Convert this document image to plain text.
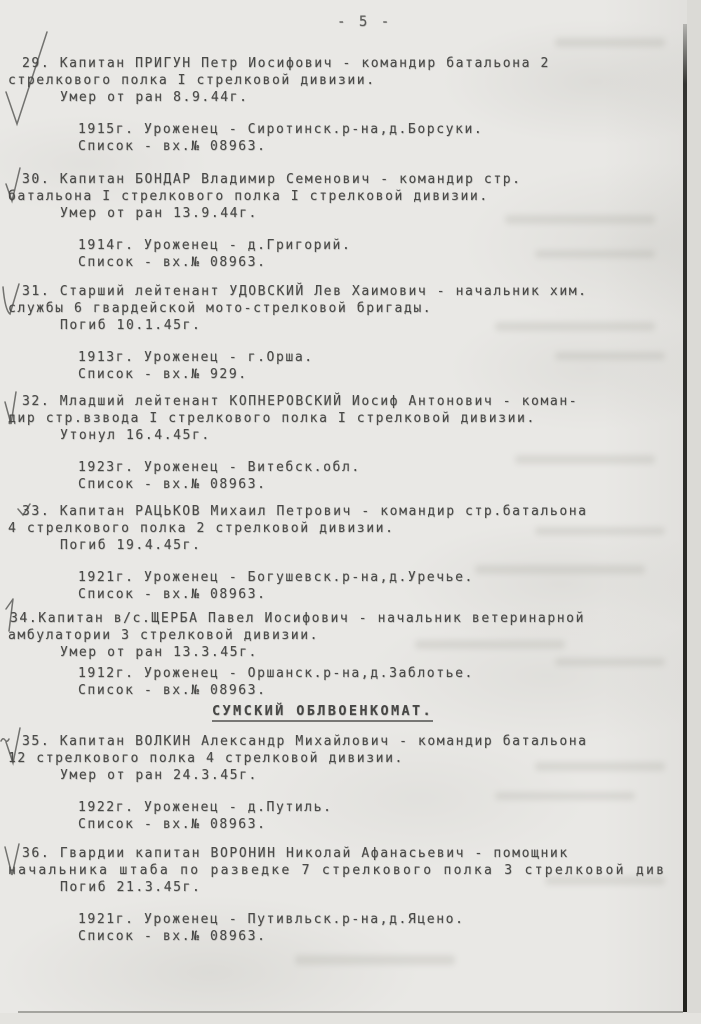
- 5 -
29. Капитан ПРИГУН Петр Иосифович - командир батальона 2
стрелкового полка I стрелковой дивизии.
Умер от ран 8.9.44г.
1915г. Уроженец - Сиротинск.р-на,д.Борсуки.
Список - вх.№ 08963.
30. Капитан БОНДАР Владимир Семенович - командир стр.
батальона I стрелкового полка I стрелковой дивизии.
Умер от ран 13.9.44г.
1914г. Уроженец - д.Григорий.
Список - вх.№ 08963.
31. Старший лейтенант УДОВСКИЙ Лев Хаимович - начальник хим.
службы 6 гвардейской мото-стрелковой бригады.
Погиб 10.1.45г.
1913г. Уроженец - г.Орша.
Список - вх.№ 929.
32. Младший лейтенант КОПНЕРОВСКИЙ Иосиф Антонович - коман-
дир стр.взвода I стрелкового полка I стрелковой дивизии.
Утонул 16.4.45г.
1923г. Уроженец - Витебск.обл.
Список - вх.№ 08963.
33. Капитан РАЦЬКОВ Михаил Петрович - командир стр.батальона
4 стрелкового полка 2 стрелковой дивизии.
Погиб 19.4.45г.
1921г. Уроженец - Богушевск.р-на,д.Уречье.
Список - вх.№ 08963.
34.Капитан в/с.ЩЕРБА Павел Иосифович - начальник ветеринарной
амбулатории 3 стрелковой дивизии.
Умер от ран 13.3.45г.
1912г. Уроженец - Оршанск.р-на,д.Заблотье.
Список - вх.№ 08963.
СУМСКИЙ ОБЛВОЕНКОМАТ.
35. Капитан ВОЛКИН Александр Михайлович - командир батальона
12 стрелкового полка 4 стрелковой дивизии.
Умер от ран 24.3.45г.
1922г. Уроженец - д.Путиль.
Список - вх.№ 08963.
36. Гвардии капитан ВОРОНИН Николай Афанасьевич - помощник
начальника штаба по разведке 7 стрелкового полка 3 стрелковой див
Погиб 21.3.45г.
1921г. Уроженец - Путивльск.р-на,д.Яцено.
Список - вх.№ 08963.
